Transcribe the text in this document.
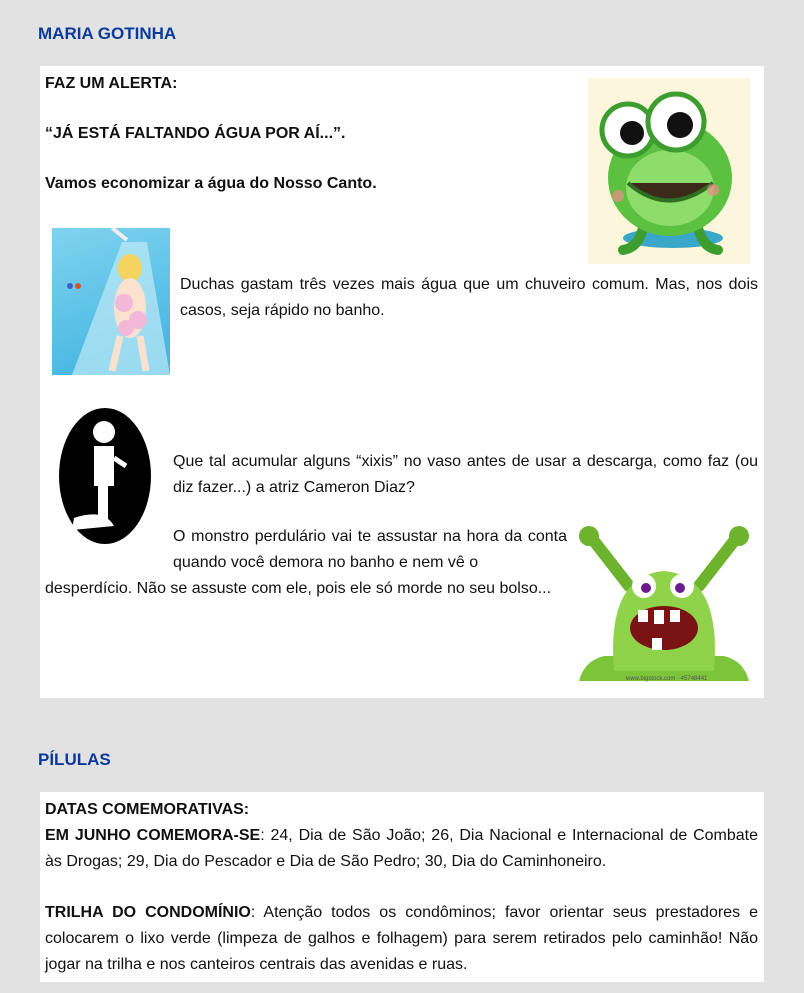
MARIA GOTINHA

FAZ UM ALERTA:

“JÁ ESTÁ FALTANDO ÁGUA POR AÍ...”.

Vamos economizar a água do Nosso Canto.

Duchas gastam três vezes mais água que um chuveiro comum. Mas, nos dois casos, seja rápido no banho.

Que tal acumular alguns “xixis” no vaso antes de usar a descarga, como faz (ou diz fazer...) a atriz Cameron Diaz?

O monstro perdulário vai te assustar na hora da conta quando você demora no banho e nem vê o

desperdício. Não se assuste com ele, pois ele só morde no seu bolso...

www.bigstock.com · 45748441
PÍLULAS

DATAS COMEMORATIVAS:

EM JUNHO COMEMORA-SE: 24, Dia de São João; 26, Dia Nacional e Internacional de Combate às Drogas; 29, Dia do Pescador e Dia de São Pedro; 30, Dia do Caminhoneiro.

TRILHA DO CONDOMÍNIO: Atenção todos os condôminos; favor orientar seus prestadores e colocarem o lixo verde (limpeza de galhos e folhagem) para serem retirados pelo caminhão! Não jogar na trilha e nos canteiros centrais das avenidas e ruas.
